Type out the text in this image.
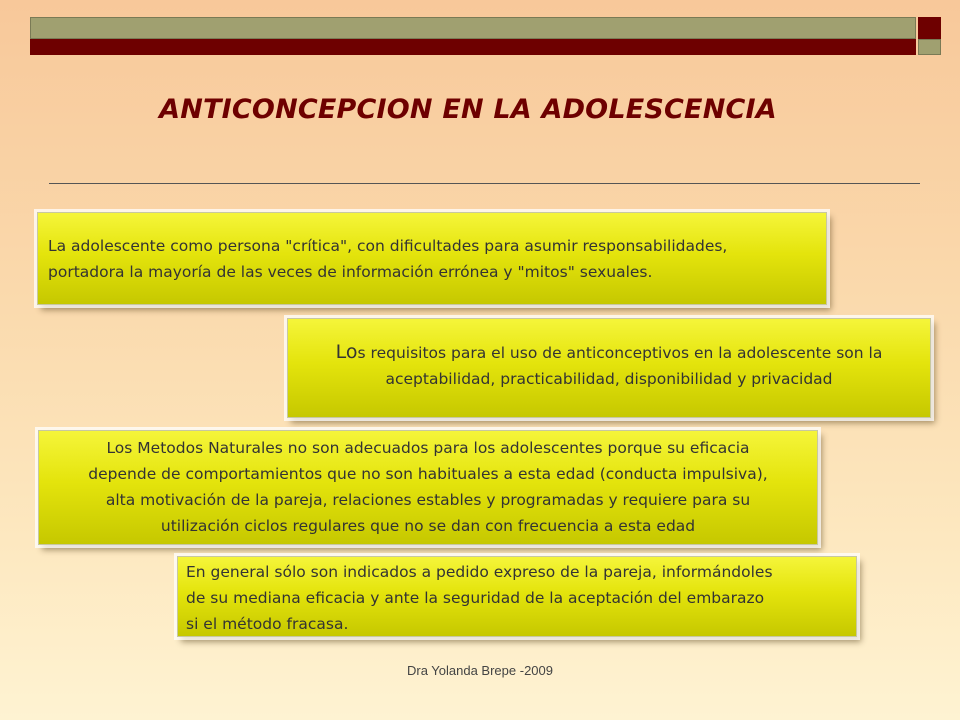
ANTICONCEPCION EN LA ADOLESCENCIA
La adolescente como persona "crítica", con dificultades para asumir responsabilidades,
portadora la mayoría de las veces de información errónea y "mitos" sexuales.
Los requisitos para el uso de anticonceptivos en la adolescente son la
aceptabilidad, practicabilidad, disponibilidad y privacidad
Los Metodos Naturales no son adecuados para los adolescentes porque su eficacia
depende de comportamientos que no son habituales a esta edad (conducta impulsiva),
alta motivación de la pareja, relaciones estables y programadas y requiere para su
utilización ciclos regulares que no se dan con frecuencia a esta edad
En general sólo son indicados a pedido expreso de la pareja, informándoles
de su mediana eficacia y ante la seguridad de la aceptación del embarazo
si el método fracasa.
Dra Yolanda Brepe -2009
